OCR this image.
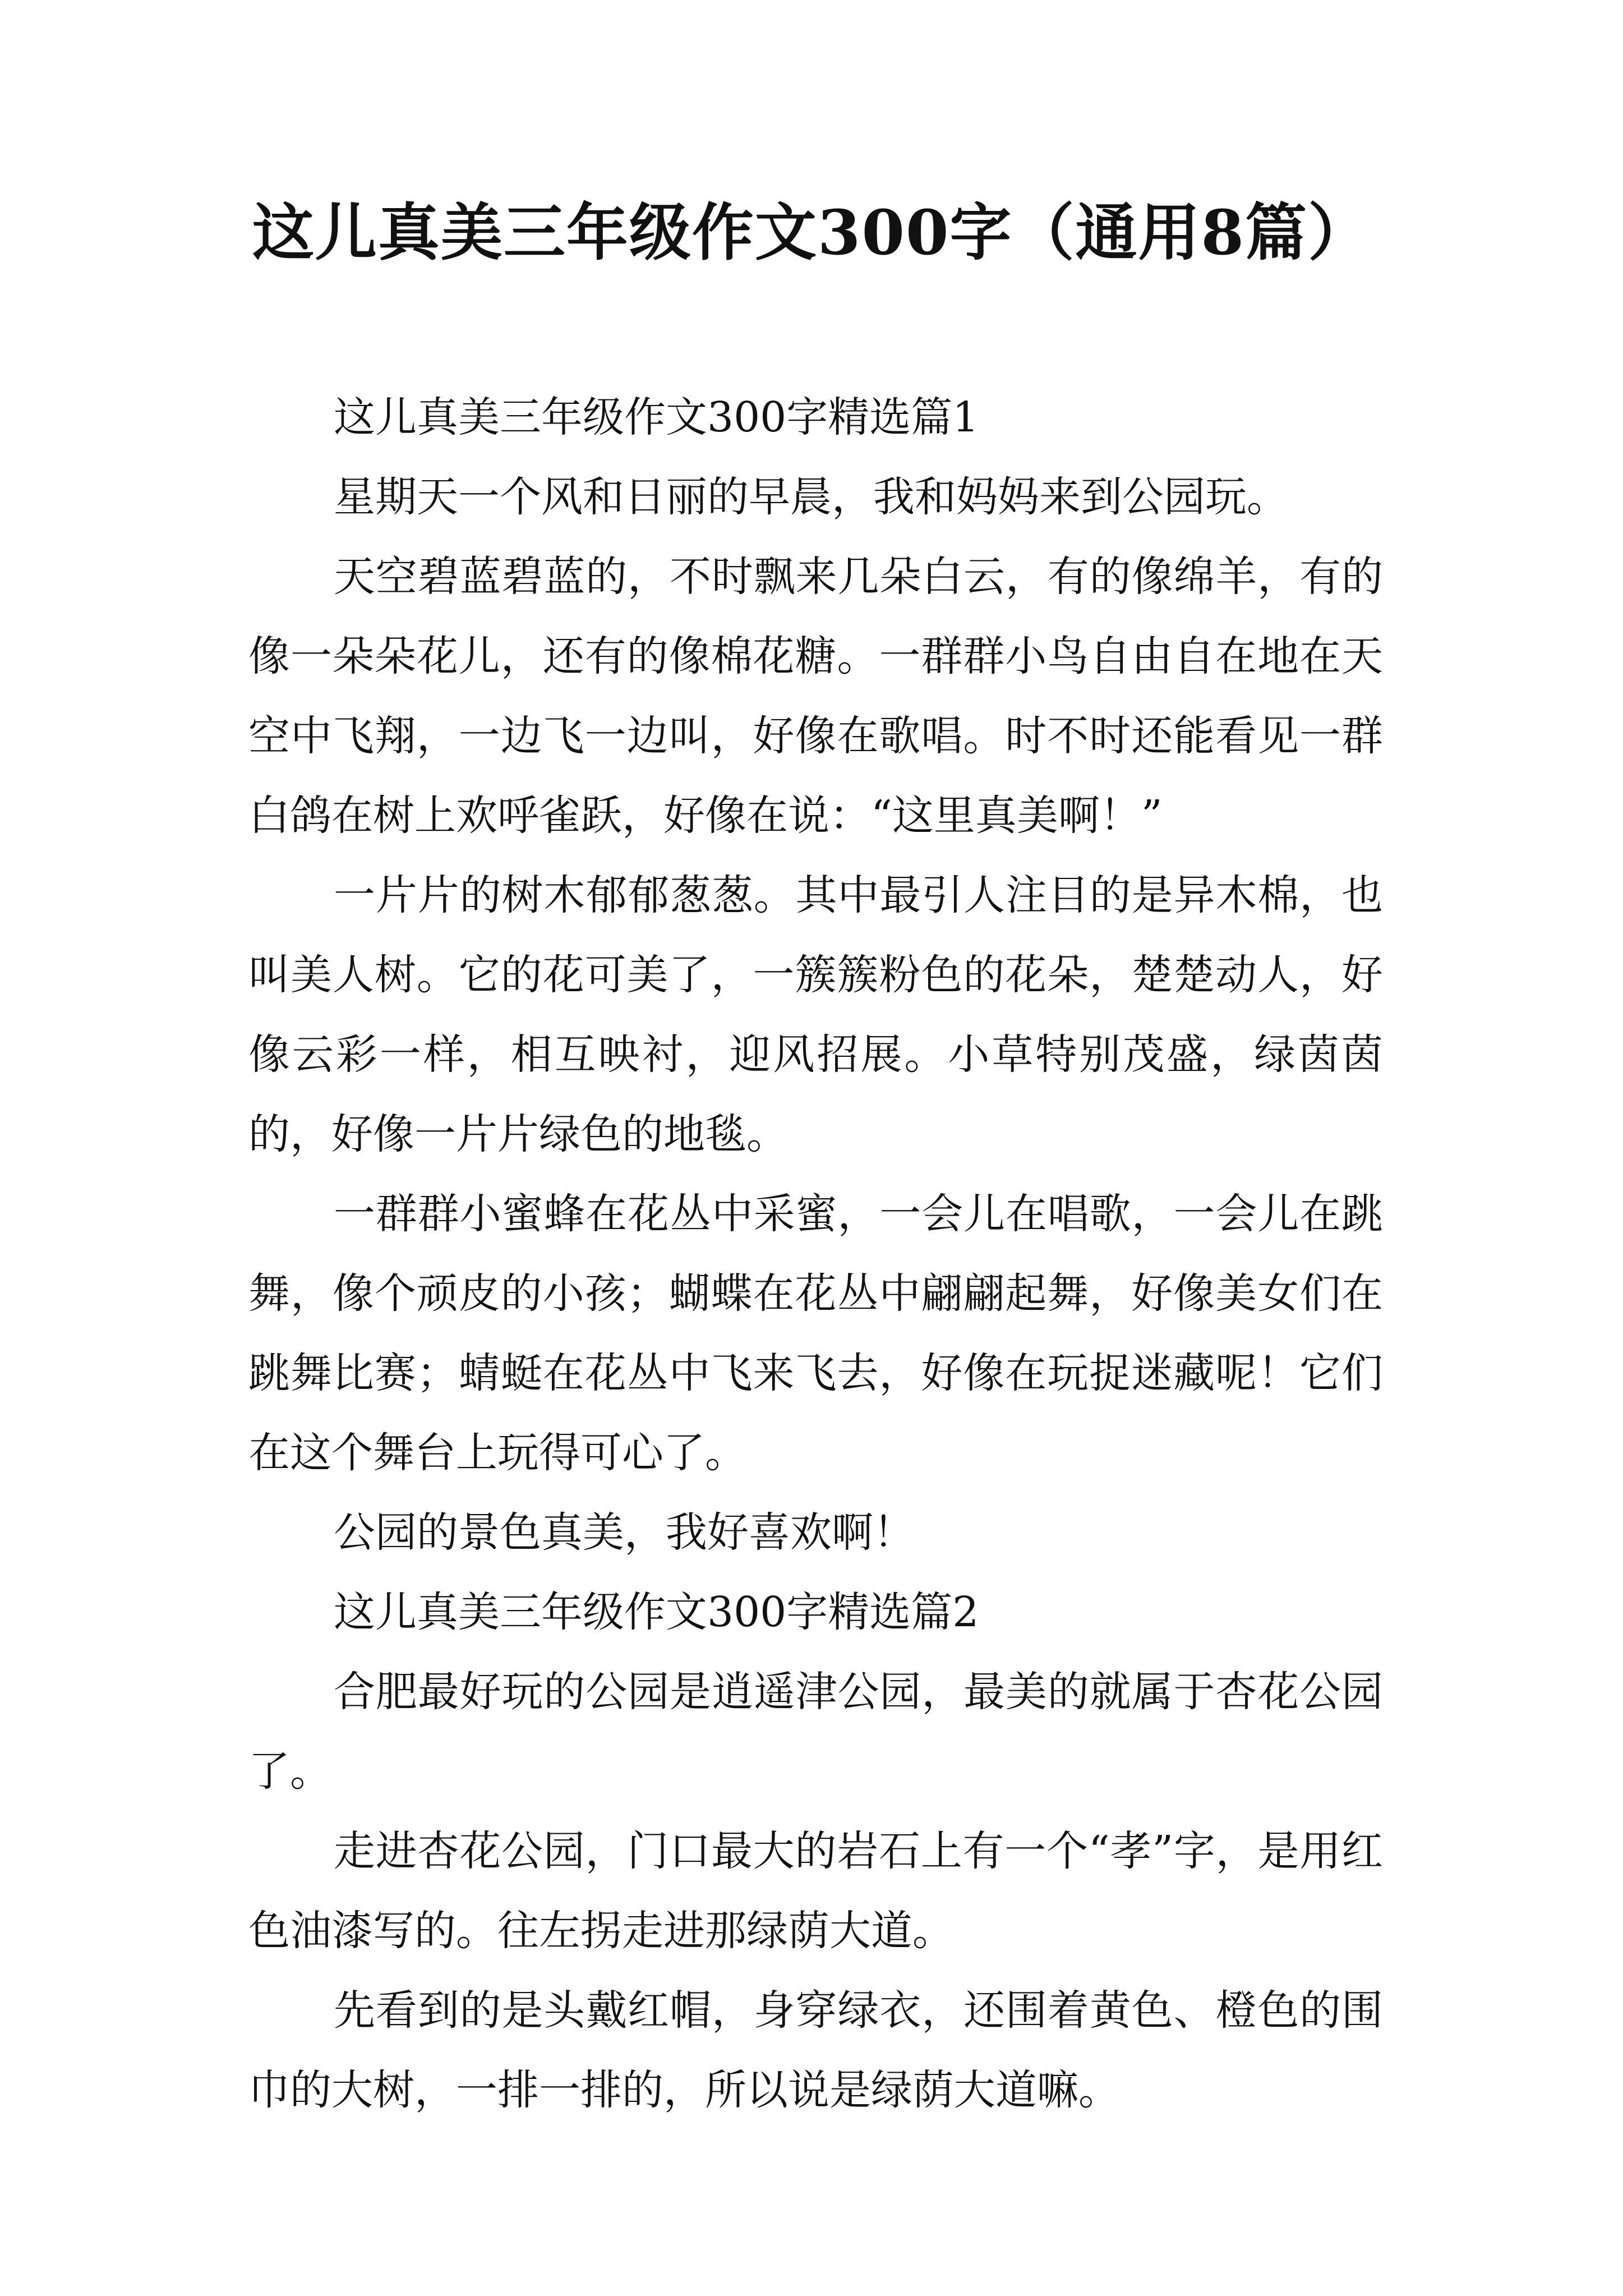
这儿真美三年级作文300字（通用8篇）

这儿真美三年级作文300字精选篇1

星期天一个风和日丽的早晨，我和妈妈来到公园玩。

天空碧蓝碧蓝的，不时飘来几朵白云，有的像绵羊，有的像一朵朵花儿，还有的像棉花糖。一群群小鸟自由自在地在天空中飞翔，一边飞一边叫，好像在歌唱。时不时还能看见一群白鸽在树上欢呼雀跃，好像在说：“这里真美啊！”

一片片的树木郁郁葱葱。其中最引人注目的是异木棉，也叫美人树。它的花可美了，一簇簇粉色的花朵，楚楚动人，好像云彩一样，相互映衬，迎风招展。小草特别茂盛，绿茵茵的，好像一片片绿色的地毯。

一群群小蜜蜂在花丛中采蜜，一会儿在唱歌，一会儿在跳舞，像个顽皮的小孩；蝴蝶在花丛中翩翩起舞，好像美女们在跳舞比赛；蜻蜓在花丛中飞来飞去，好像在玩捉迷藏呢！它们在这个舞台上玩得可心了。

公园的景色真美，我好喜欢啊！

这儿真美三年级作文300字精选篇2

合肥最好玩的公园是逍遥津公园，最美的就属于杏花公园了。

走进杏花公园，门口最大的岩石上有一个“孝”字，是用红色油漆写的。往左拐走进那绿荫大道。

先看到的是头戴红帽，身穿绿衣，还围着黄色、橙色的围巾的大树，一排一排的，所以说是绿荫大道嘛。
